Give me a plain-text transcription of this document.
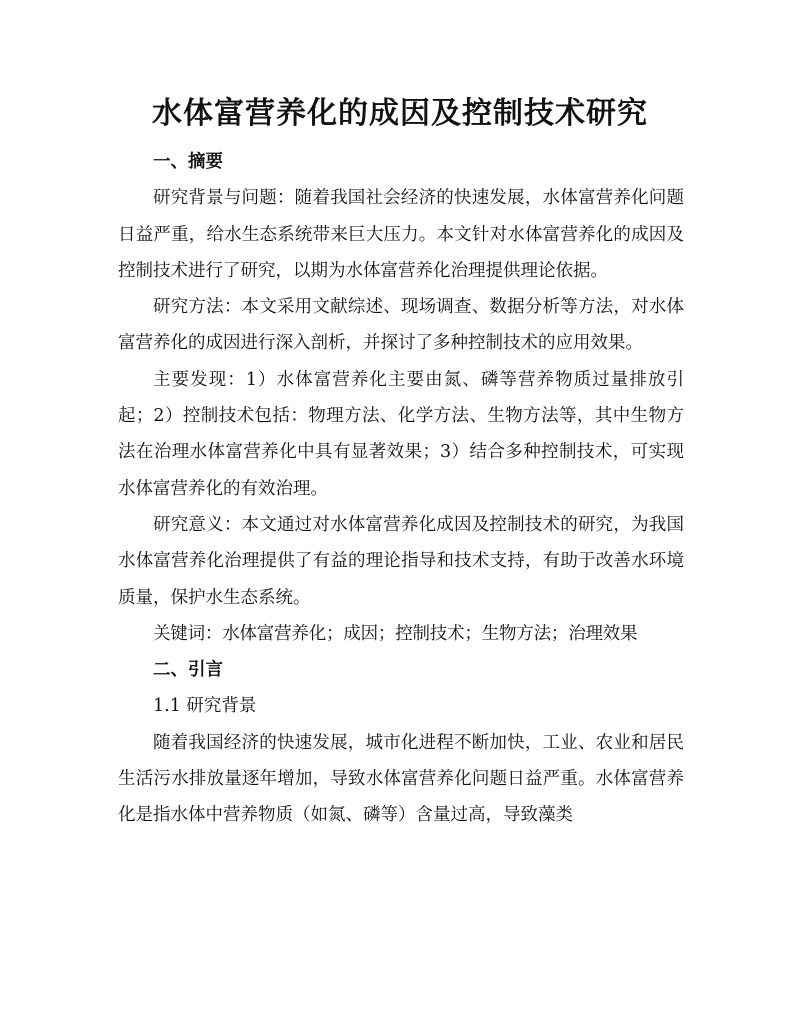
水体富营养化的成因及控制技术研究
一、摘要

研究背景与问题：随着我国社会经济的快速发展，水体富营养化问题日益严重，给水生态系统带来巨大压力。本文针对水体富营养化的成因及控制技术进行了研究，以期为水体富营养化治理提供理论依据。

研究方法：本文采用文献综述、现场调查、数据分析等方法，对水体富营养化的成因进行深入剖析，并探讨了多种控制技术的应用效果。

主要发现：1）水体富营养化主要由氮、磷等营养物质过量排放引起；2）控制技术包括：物理方法、化学方法、生物方法等，其中生物方法在治理水体富营养化中具有显著效果；3）结合多种控制技术，可实现水体富营养化的有效治理。

研究意义：本文通过对水体富营养化成因及控制技术的研究，为我国水体富营养化治理提供了有益的理论指导和技术支持，有助于改善水环境质量，保护水生态系统。

关键词：水体富营养化；成因；控制技术；生物方法；治理效果

二、引言

1.1 研究背景

随着我国经济的快速发展，城市化进程不断加快，工业、农业和居民生活污水排放量逐年增加，导致水体富营养化问题日益严重。水体富营养化是指水体中营养物质（如氮、磷等）含量过高，导致藻类
